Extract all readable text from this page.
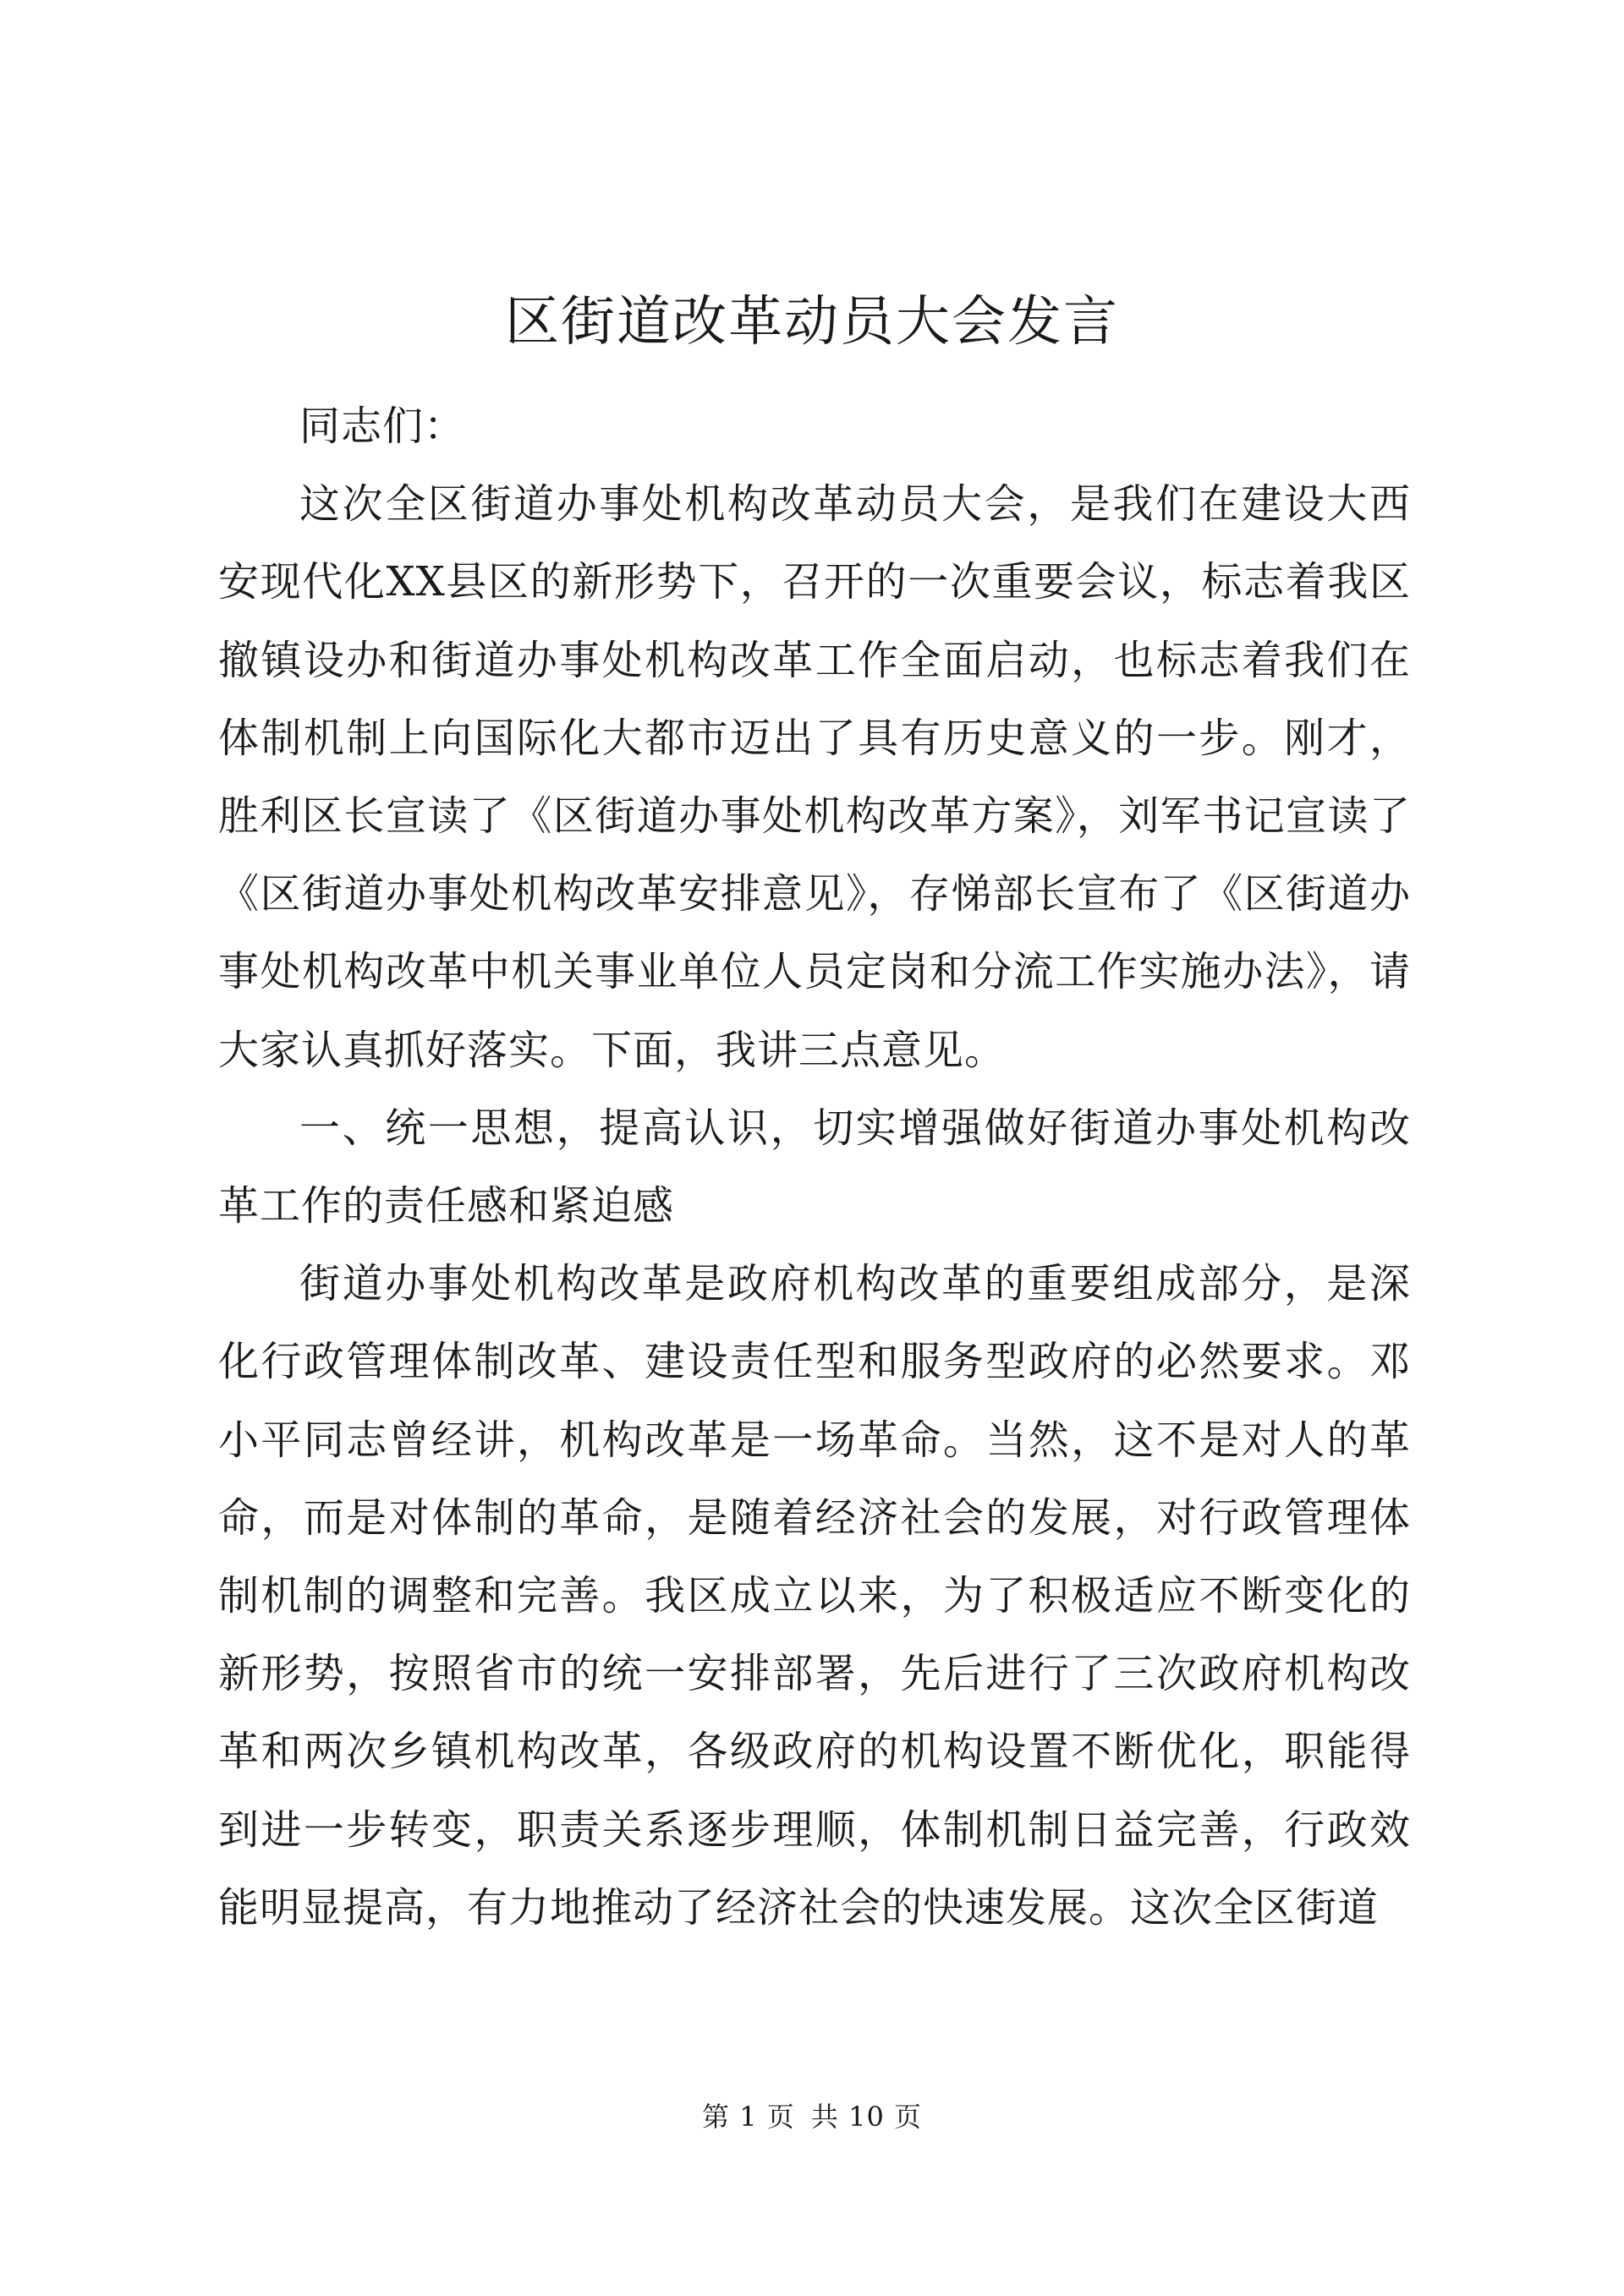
区街道改革动员大会发言

同志们：

这次全区街道办事处机构改革动员大会，是我们在建设大西安现代化XX县区的新形势下，召开的一次重要会议，标志着我区撤镇设办和街道办事处机构改革工作全面启动，也标志着我们在体制机制上向国际化大都市迈出了具有历史意义的一步。刚才，胜利区长宣读了《区街道办事处机构改革方案》，刘军书记宣读了《区街道办事处机构改革安排意见》，存悌部长宣布了《区街道办事处机构改革中机关事业单位人员定岗和分流工作实施办法》，请大家认真抓好落实。下面，我讲三点意见。

一、统一思想，提高认识，切实增强做好街道办事处机构改革工作的责任感和紧迫感

街道办事处机构改革是政府机构改革的重要组成部分，是深化行政管理体制改革、建设责任型和服务型政府的必然要求。邓小平同志曾经讲，机构改革是一场革命。当然，这不是对人的革命，而是对体制的革命，是随着经济社会的发展，对行政管理体制机制的调整和完善。我区成立以来，为了积极适应不断变化的新形势，按照省市的统一安排部署，先后进行了三次政府机构改革和两次乡镇机构改革，各级政府的机构设置不断优化，职能得到进一步转变，职责关系逐步理顺，体制机制日益完善，行政效能明显提高，有力地推动了经济社会的快速发展。这次全区街道

第 1 页 共 10 页
